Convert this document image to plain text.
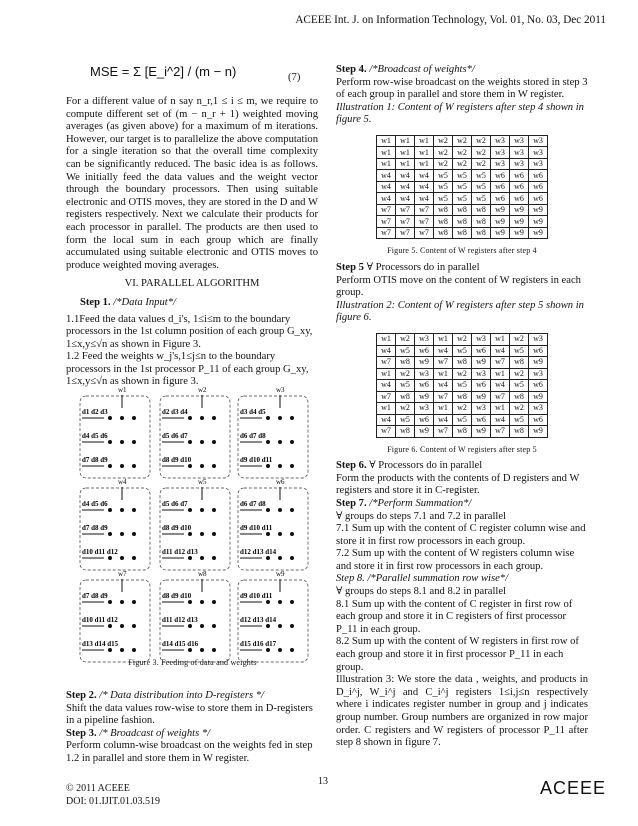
ACEEE Int. J. on Information Technology, Vol. 01, No. 03, Dec 2011
MSE = Σ [E_i^2] / (m − n)	(7)

For a different value of n say n_r,1 ≤ i ≤ m, we require to compute different set of (m − n_r + 1) weighted moving averages (as given above) for a maximum of m iterations. However, our target is to parallelize the above computation for a single iteration so that the overall time complexity can be significantly reduced. The basic idea is as follows. We initially feed the data values and the weight vector through the boundary processors. Then using suitable electronic and OTIS moves, they are stored in the D and W registers respectively. Next we calculate their products for each processor in parallel. The products are then used to form the local sum in each group which are finally accumulated using suitable electronic and OTIS moves to produce weighted moving averages.

VI. PARALLEL ALGORITHM

Step 1. /*Data Input*/

1.1Feed the data values d_i's, 1≤i≤m to the boundary processors in the 1st column position of each group G_xy, 1≤x,y≤√n as shown in Figure 3.

1.2 Feed the weights w_j's,1≤j≤n to the boundary processors in the 1st processor P_11 of each group G_xy, 1≤x,y≤√n as shown in figure 3.

w1	w2	w3
d1 d2 d3	d2 d3 d4	d3 d4 d5
d4 d5 d6	d5 d6 d7	d6 d7 d8
d7 d8 d9	d8 d9 d10	d9 d10 d11
w4	w5	w6
d4 d5 d6	d5 d6 d7	d6 d7 d8
d7 d8 d9	d8 d9 d10	d9 d10 d11
d10 d11 d12	d11 d12 d13	d12 d13 d14
w7	w8	w9
d7 d8 d9	d8 d9 d10	d9 d10 d11
d10 d11 d12	d11 d12 d13	d12 d13 d14
d13 d14 d15	d14 d15 d16	d15 d16 d17
Figure 3. Feeding of data and weights

Step 2. /* Data distribution into D-registers */

Shift the data values row-wise to store them in D-registers in a pipeline fashion.

Step 3. /* Broadcast of weights */

Perform column-wise broadcast on the weights fed in step 1.2 in parallel and store them in W register.

Step 4. /*Broadcast of weights*/

Perform row-wise broadcast on the weights stored in step 3 of each group in parallel and store them in W register.

Illustration 1: Content of W registers after step 4 shown in figure 5.

w1	w1	w1	w2	w2	w2	w3	w3	w3
w1	w1	w1	w2	w2	w2	w3	w3	w3
w1	w1	w1	w2	w2	w2	w3	w3	w3
w4	w4	w4	w5	w5	w5	w6	w6	w6
w4	w4	w4	w5	w5	w5	w6	w6	w6
w4	w4	w4	w5	w5	w5	w6	w6	w6
w7	w7	w7	w8	w8	w8	w9	w9	w9
w7	w7	w7	w8	w8	w8	w9	w9	w9
w7	w7	w7	w8	w8	w8	w9	w9	w9

Figure 5. Content of W registers after step 4

Step 5 ∀ Processors do in parallel

Perform OTIS move on the content of W registers in each group.

Illustration 2: Content of W registers after step 5 shown in figure 6.

w1	w2	w3	w1	w2	w3	w1	w2	w3
w4	w5	w6	w4	w5	w6	w4	w5	w6
w7	w8	w9	w7	w8	w9	w7	w8	w9
w1	w2	w3	w1	w2	w3	w1	w2	w3
w4	w5	w6	w4	w5	w6	w4	w5	w6
w7	w8	w9	w7	w8	w9	w7	w8	w9
w1	w2	w3	w1	w2	w3	w1	w2	w3
w4	w5	w6	w4	w5	w6	w4	w5	w6
w7	w8	w9	w7	w8	w9	w7	w8	w9

Figure 6. Content of W registers after step 5

Step 6. ∀ Processors do in parallel

Form the products with the contents of D registers and W registers and store it in C-register.

Step 7. /*Perform Summation*/

∀ groups do steps 7.1 and 7.2 in parallel

7.1 Sum up with the content of C register column wise and store it in first row processors in each group.

7.2 Sum up with the content of W registers column wise and store it in first row processors in each group.

Step 8. /*Parallel summation row wise*/

∀ groups do steps 8.1 and 8.2 in parallel

8.1 Sum up with the content of C register in first row of each group and store it in C registers of first processor P_11 in each group.

8.2 Sum up with the content of W registers in first row of each group and store it in first processor P_11 in each group.

Illustration 3: We store the data , weights, and products in D_i^j, W_i^j and C_i^j registers 1≤i,j≤n respectively where i indicates register number in group and j indicates group number. Group numbers are organized in row major order. C registers and W registers of processor P_11 after step 8 shown in figure 7.

© 2011 ACEEE
DOI: 01.IJIT.01.03.519
13	ACEEE
